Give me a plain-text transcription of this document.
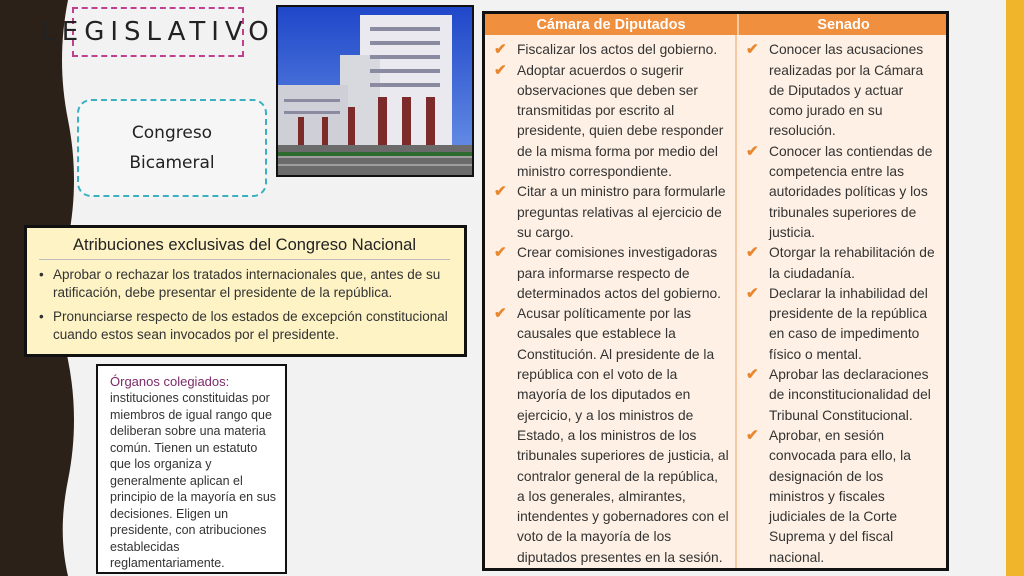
LEGISLATIVO
Congreso
Bicameral
Atribuciones exclusivas del Congreso Nacional
• Aprobar o rechazar los tratados internacionales que, antes de su ratificación, debe presentar el presidente de la república.
• Pronunciarse respecto de los estados de excepción constitucional cuando estos sean invocados por el presidente.
Órganos colegiados:
instituciones constituidas por miembros de igual rango que deliberan sobre una materia común. Tienen un estatuto que los organiza y generalmente aplican el principio de la mayoría en sus decisiones. Eligen un presidente, con atribuciones establecidas reglamentariamente.
Cámara de Diputados	Senado
✔ Fiscalizar los actos del gobierno.
✔ Adoptar acuerdos o sugerir observaciones que deben ser transmitidas por escrito al presidente, quien debe responder de la misma forma por medio del ministro correspondiente.
✔ Citar a un ministro para formularle preguntas relativas al ejercicio de su cargo.
✔ Crear comisiones investigadoras para informarse respecto de determinados actos del gobierno.
✔ Acusar políticamente por las causales que establece la Constitución. Al presidente de la república con el voto de la mayoría de los diputados en ejercicio, y a los ministros de Estado, a los ministros de los tribunales superiores de justicia, al contralor general de la república, a los generales, almirantes, intendentes y gobernadores con el voto de la mayoría de los diputados presentes en la sesión.
✔ Conocer las acusaciones realizadas por la Cámara de Diputados y actuar como jurado en su resolución.
✔ Conocer las contiendas de competencia entre las autoridades políticas y los tribunales superiores de justicia.
✔ Otorgar la rehabilitación de la ciudadanía.
✔ Declarar la inhabilidad del presidente de la república en caso de impedimento físico o mental.
✔ Aprobar las declaraciones de inconstitucionalidad del Tribunal Constitucional.
✔ Aprobar, en sesión convocada para ello, la designación de los ministros y fiscales judiciales de la Corte Suprema y del fiscal nacional.
